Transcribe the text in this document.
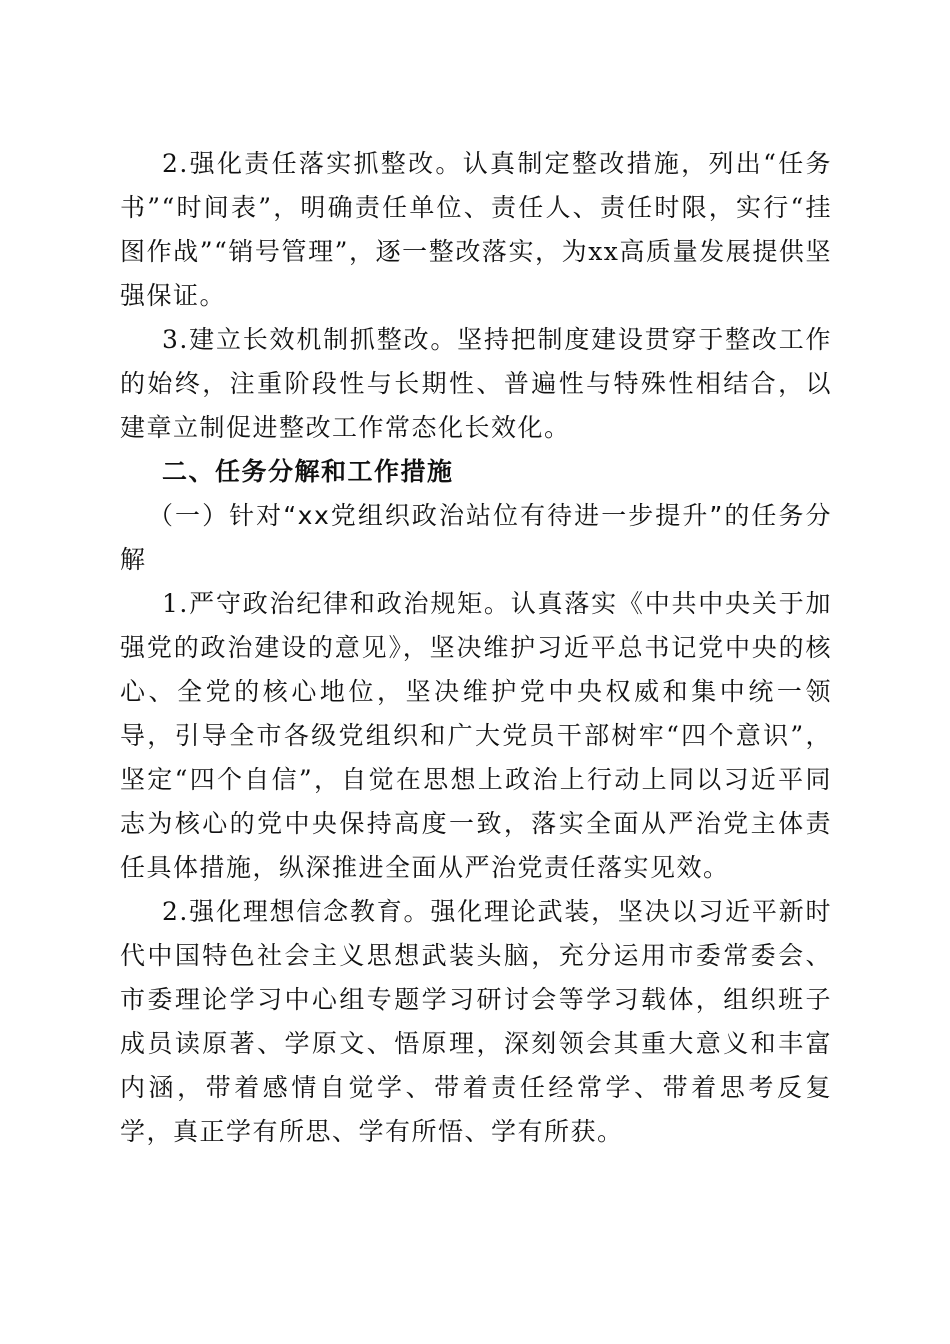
2.强化责任落实抓整改。认真制定整改措施，列出“任务书”“时间表”，明确责任单位、责任人、责任时限，实行“挂图作战”“销号管理”，逐一整改落实，为xx高质量发展提供坚强保证。

3.建立长效机制抓整改。坚持把制度建设贯穿于整改工作的始终，注重阶段性与长期性、普遍性与特殊性相结合，以建章立制促进整改工作常态化长效化。

二、任务分解和工作措施

（一）针对“xx党组织政治站位有待进一步提升”的任务分解

1.严守政治纪律和政治规矩。认真落实《中共中央关于加强党的政治建设的意见》，坚决维护习近平总书记党中央的核心、全党的核心地位，坚决维护党中央权威和集中统一领导，引导全市各级党组织和广大党员干部树牢“四个意识”，坚定“四个自信”，自觉在思想上政治上行动上同以习近平同志为核心的党中央保持高度一致，落实全面从严治党主体责任具体措施，纵深推进全面从严治党责任落实见效。

2.强化理想信念教育。强化理论武装，坚决以习近平新时代中国特色社会主义思想武装头脑，充分运用市委常委会、市委理论学习中心组专题学习研讨会等学习载体，组织班子成员读原著、学原文、悟原理，深刻领会其重大意义和丰富内涵，带着感情自觉学、带着责任经常学、带着思考反复学，真正学有所思、学有所悟、学有所获。
